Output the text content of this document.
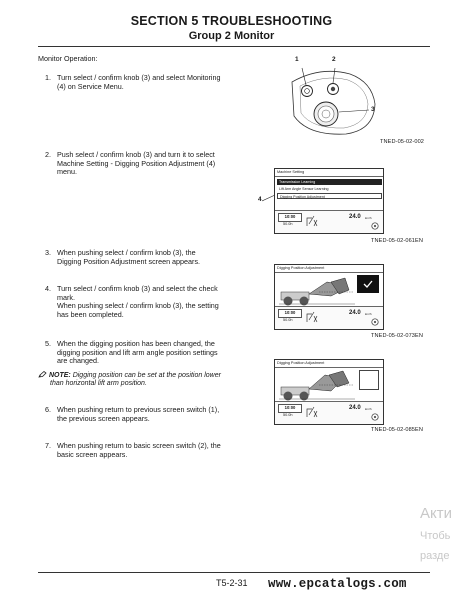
SECTION 5 TROUBLESHOOTING
Group 2 Monitor
Monitor Operation:
1. Turn select / confirm knob (3) and select Monitoring
(4) on Service Menu.
2. Push select / confirm knob (3) and turn it to select
Machine Setting - Digging Position Adjustment (4)
menu.
3. When pushing select / confirm knob (3), the
Digging Position Adjustment screen appears.
4. Turn select / confirm knob (3) and select the check
mark.
When pushing select / confirm knob (3), the setting
has been completed.
5. When the digging position has been changed, the
digging position and lift arm angle position settings
are changed.
NOTE: Digging position can be set at the position lower
than horizontal lift arm position.
6. When pushing return to previous screen switch (1),
the previous screen appears.
7. When pushing return to basic screen switch (2), the
basic screen appears.
1	2
3
TNED-05-02-002
4
Machine Setting
Transmission Learning
Lift Arm Angle Sensor Learning
Digging Position Adjustment
10:00
50.0h
24.0 km/h
TNED-05-02-061EN
Digging Position Adjustment
10:00
50.0h
24.0 km/h
TNED-05-02-073EN
Digging Position Adjustment
10:00
50.0h
24.0 km/h
TNED-05-02-085EN
Акти
Чтобь
разде
T5-2-31 www.epcatalogs.com
